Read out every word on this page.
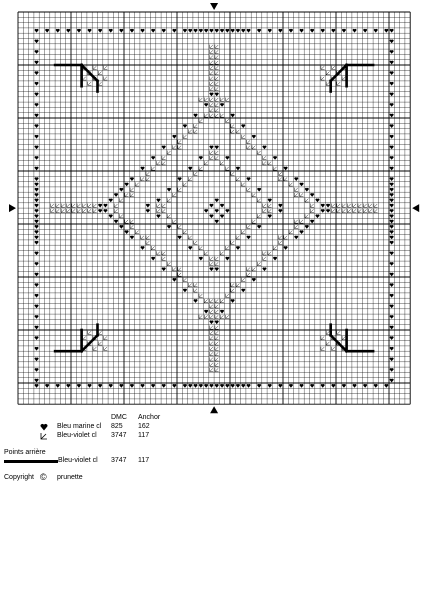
DMC Anchor
Bleu marine cl 825 162
Bleu-violet cl 3747 117
Points arrière
Bleu-violet cl 3747 117
Copyright © prunette
